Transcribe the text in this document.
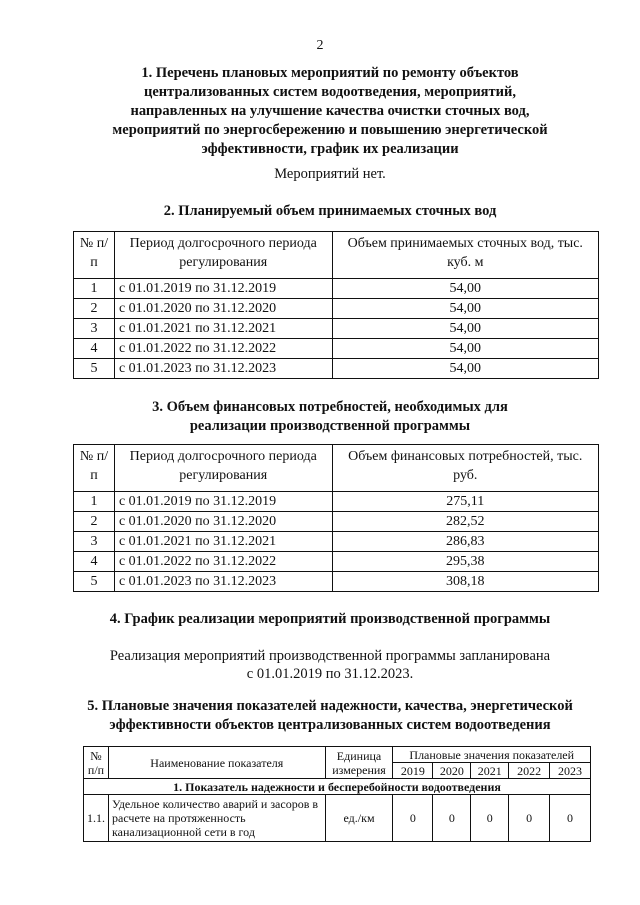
2
1. Перечень плановых мероприятий по ремонту объектов
централизованных систем водоотведения, мероприятий,
направленных на улучшение качества очистки сточных вод,
мероприятий по энергосбережению и повышению энергетической
эффективности, график их реализации
Мероприятий нет.
2. Планируемый объем принимаемых сточных вод
№ п/п	Период долгосрочного периода регулирования	Объем принимаемых сточных вод, тыс. куб. м
1	с 01.01.2019 по 31.12.2019	54,00
2	с 01.01.2020 по 31.12.2020	54,00
3	с 01.01.2021 по 31.12.2021	54,00
4	с 01.01.2022 по 31.12.2022	54,00
5	с 01.01.2023 по 31.12.2023	54,00
3. Объем финансовых потребностей, необходимых для
реализации производственной программы
№ п/п	Период долгосрочного периода регулирования	Объем финансовых потребностей, тыс. руб.
1	с 01.01.2019 по 31.12.2019	275,11
2	с 01.01.2020 по 31.12.2020	282,52
3	с 01.01.2021 по 31.12.2021	286,83
4	с 01.01.2022 по 31.12.2022	295,38
5	с 01.01.2023 по 31.12.2023	308,18
4. График реализации мероприятий производственной программы
Реализация мероприятий производственной программы запланирована
с 01.01.2019 по 31.12.2023.
5. Плановые значения показателей надежности, качества, энергетической
эффективности объектов централизованных систем водоотведения
№ п/п	Наименование показателя	Единица измерения	Плановые значения показателей				
			2019	2020	2021	2022	2023
1. Показатель надежности и бесперебойности водоотведения							
1.1.	Удельное количество аварий и засоров в расчете на протяженность канализационной сети в год	ед./км	0	0	0	0	0
